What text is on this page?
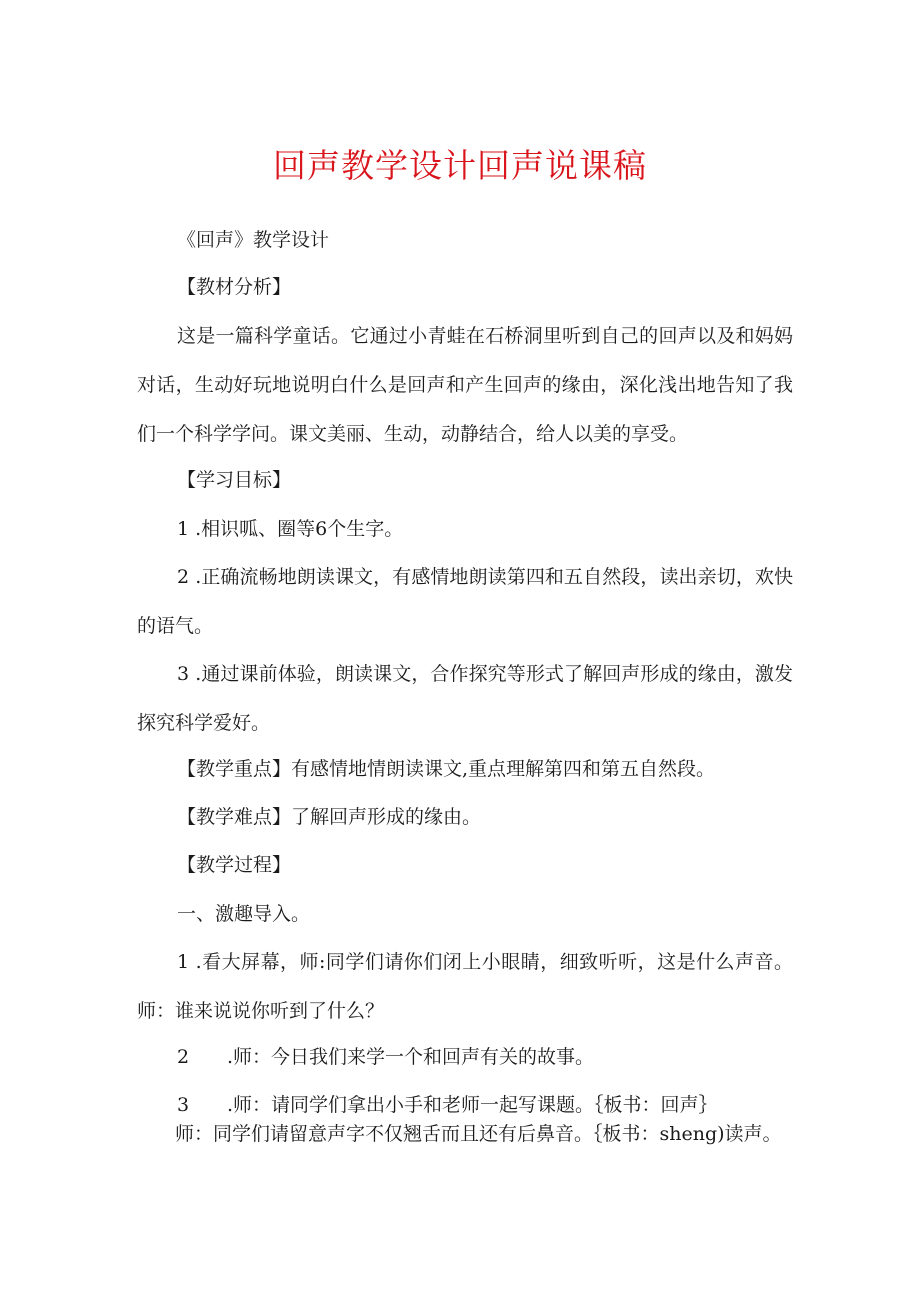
回声教学设计回声说课稿
《回声》教学设计
【教材分析】
这是一篇科学童话。它通过小青蛙在石桥洞里听到自己的回声以及和妈妈对话，生动好玩地说明白什么是回声和产生回声的缘由，深化浅出地告知了我们一个科学学问。课文美丽、生动，动静结合，给人以美的享受。
【学习目标】
1 .相识呱、圈等6个生字。
2 .正确流畅地朗读课文，有感情地朗读第四和五自然段，读出亲切，欢快的语气。
3 .通过课前体验，朗读课文，合作探究等形式了解回声形成的缘由，激发探究科学爱好。
【教学重点】有感情地情朗读课文,重点理解第四和第五自然段。
【教学难点】了解回声形成的缘由。
【教学过程】
一、激趣导入。
1 .看大屏幕，师:同学们请你们闭上小眼睛，细致听听，这是什么声音。师：谁来说说你听到了什么？
2 .师：今日我们来学一个和回声有关的故事。
3 .师：请同学们拿出小手和老师一起写课题。｛板书：回声｝
师：同学们请留意声字不仅翘舌而且还有后鼻音。｛板书：sheng)读声。
